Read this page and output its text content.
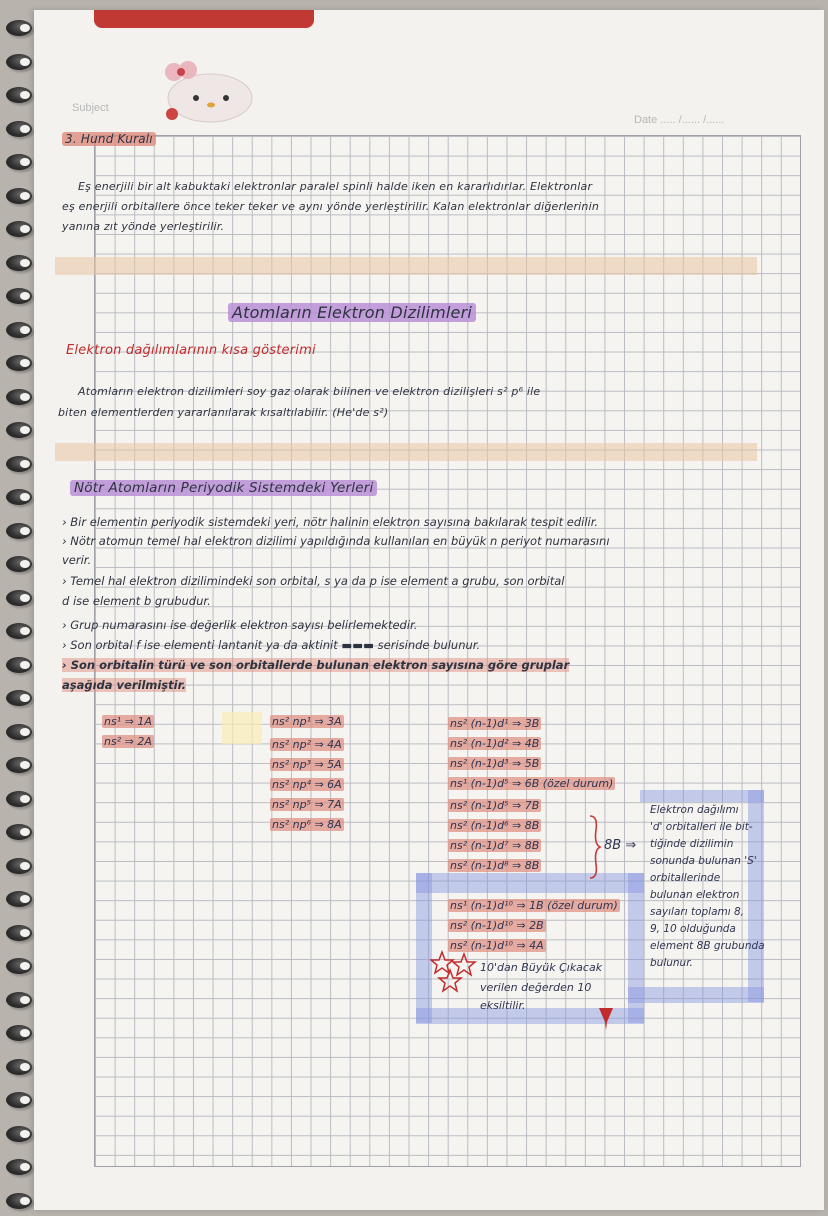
Subject
Date ..... /...... /......
3. Hund Kuralı
Eş enerjili bir alt kabuktaki elektronlar paralel spinli halde iken en kararlıdırlar. Elektronlar
eş enerjili orbitallere önce teker teker ve aynı yönde yerleştirilir. Kalan elektronlar diğerlerinin
yanına zıt yönde yerleştirilir.
Atomların Elektron Dizilimleri
Elektron dağılımlarının kısa gösterimi
Atomların elektron dizilimleri soy gaz olarak bilinen ve elektron dizilişleri s² p⁶ ile
biten elementlerden yararlanılarak kısaltılabilir. (He'de s²)
Nötr Atomların Periyodik Sistemdeki Yerleri
› Bir elementin periyodik sistemdeki yeri, nötr halinin elektron sayısına bakılarak tespit edilir.
› Nötr atomun temel hal elektron dizilimi yapıldığında kullanılan en büyük n periyot numarasını
verir.
› Temel hal elektron dizilimindeki son orbital, s ya da p ise element a grubu, son orbital
d ise element b grubudur.
› Grup numarasını ise değerlik elektron sayısı belirlemektedir.
› Son orbital f ise elementi lantanit ya da aktinit ▬▬▬ serisinde bulunur.
› Son orbitalin türü ve son orbitallerde bulunan elektron sayısına göre gruplar
aşağıda verilmiştir.
ns¹ ⇒ 1A
ns² ⇒ 2A
ns² np¹ ⇒ 3A
ns² np² ⇒ 4A
ns² np³ ⇒ 5A
ns² np⁴ ⇒ 6A
ns² np⁵ ⇒ 7A
ns² np⁶ ⇒ 8A
ns² (n-1)d¹ ⇒ 3B
ns² (n-1)d² ⇒ 4B
ns² (n-1)d³ ⇒ 5B
ns¹ (n-1)d⁵ ⇒ 6B (özel durum)
ns² (n-1)d⁵ ⇒ 7B
ns² (n-1)d⁶ ⇒ 8B
ns² (n-1)d⁷ ⇒ 8B
ns² (n-1)d⁸ ⇒ 8B
8B ⇒
ns¹ (n-1)d¹⁰ ⇒ 1B (özel durum)
ns² (n-1)d¹⁰ ⇒ 2B
ns² (n-1)d¹⁰ ⇒ 4A
10'dan Büyük Çıkacak
verilen değerden 10
eksiltilir.
Elektron dağılımı
'd' orbitalleri ile bit-
tiğinde dizilimin
sonunda bulunan 'S'
orbitallerinde
bulunan elektron
sayıları toplamı 8,
9, 10 olduğunda
element 8B grubunda
bulunur.
